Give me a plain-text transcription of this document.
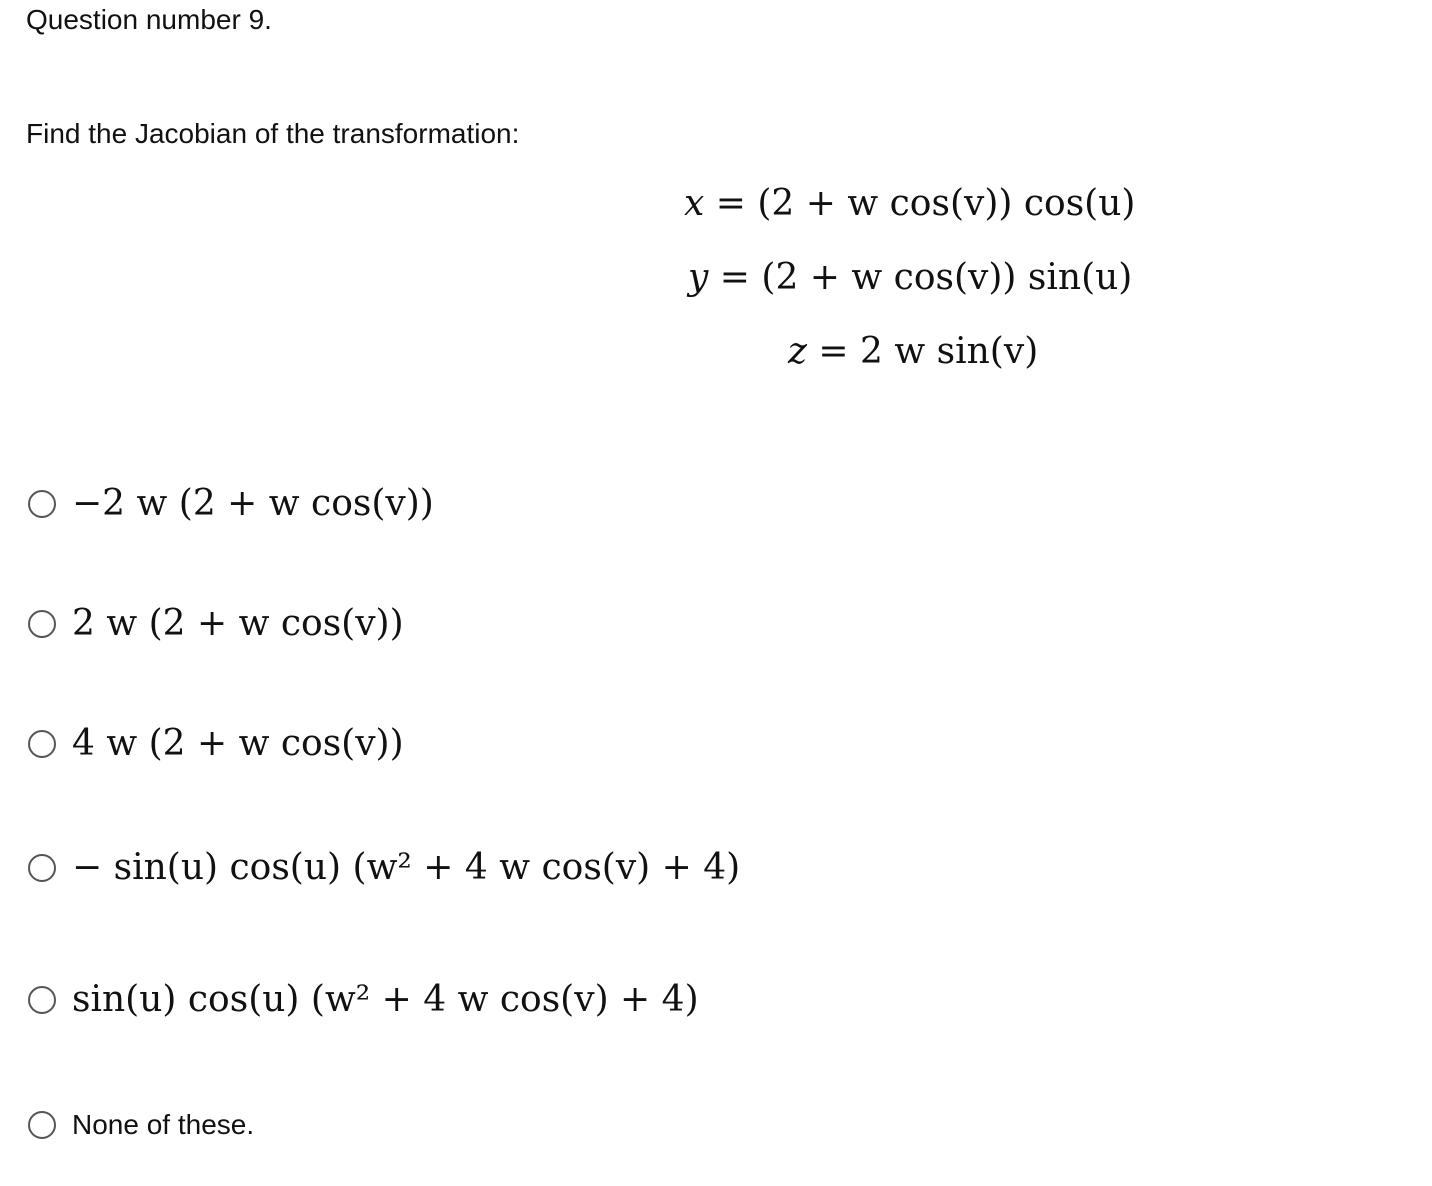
Question number 9.
Find the Jacobian of the transformation:
x = (2 + w cos(v)) cos(u)
y = (2 + w cos(v)) sin(u)
z = 2 w sin(v)
−2 w (2 + w cos(v))
2 w (2 + w cos(v))
4 w (2 + w cos(v))
− sin(u) cos(u) (w² + 4 w cos(v) + 4)
sin(u) cos(u) (w² + 4 w cos(v) + 4)
None of these.
